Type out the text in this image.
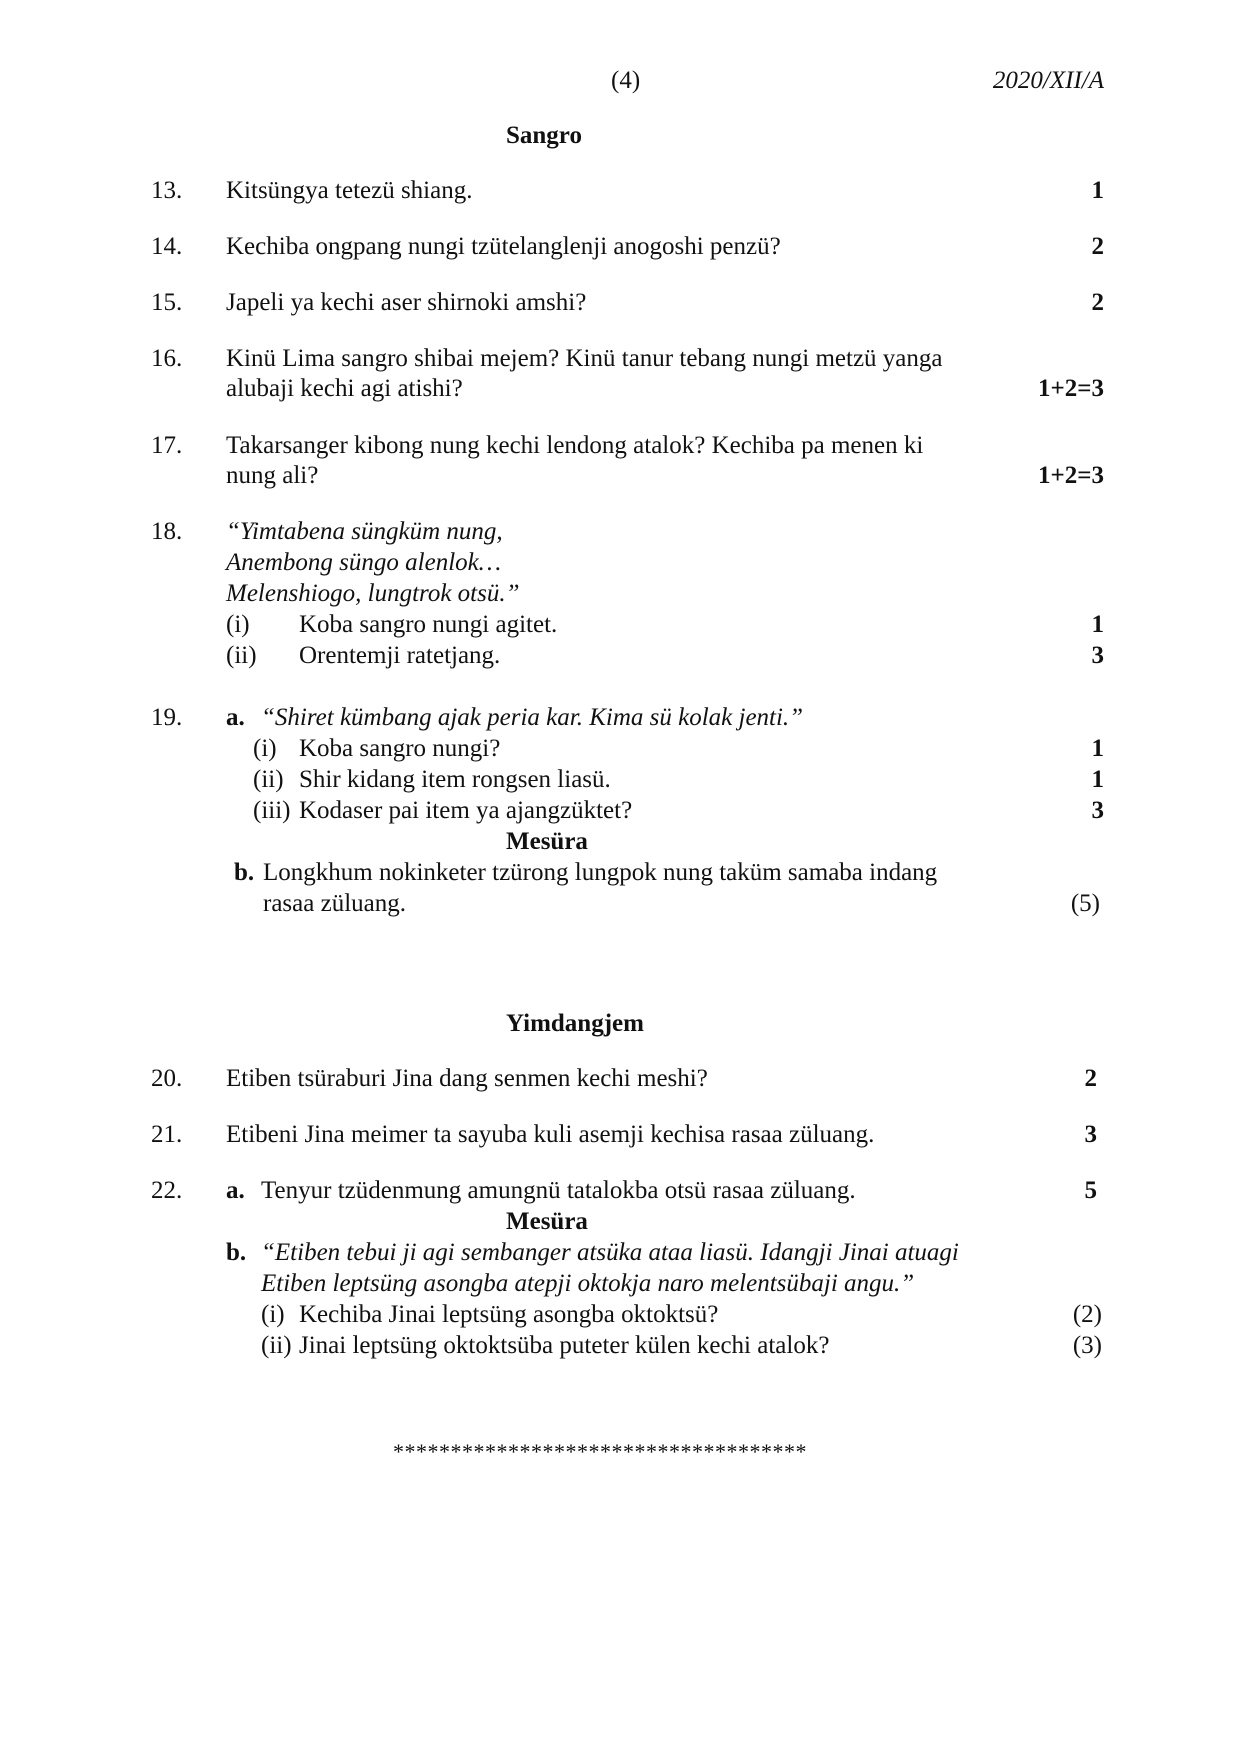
(4)	2020/XII/A
Sangro
13. Kitsüngya tetezü shiang.	1
14. Kechiba ongpang nungi tzütelanglenji anogoshi penzü?	2
15. Japeli ya kechi aser shirnoki amshi?	2
16. Kinü Lima sangro shibai mejem? Kinü tanur tebang nungi metzü yanga
alubaji kechi agi atishi?	1+2=3
17. Takarsanger kibong nung kechi lendong atalok? Kechiba pa menen ki
nung ali?	1+2=3
18. “Yimtabena süngküm nung,
Anembong süngo alenlok…
Melenshiogo, lungtrok otsü.”
(i) Koba sangro nungi agitet.	1
(ii) Orentemji ratetjang.	3
19. a. “Shiret kümbang ajak peria kar. Kima sü kolak jenti.”
(i) Koba sangro nungi?	1
(ii) Shir kidang item rongsen liasü.	1
(iii) Kodaser pai item ya ajangzüktet?	3
Mesüra
b. Longkhum nokinketer tzürong lungpok nung taküm samaba indang
rasaa züluang.	(5)
Yimdangjem
20. Etiben tsüraburi Jina dang senmen kechi meshi?	2
21. Etibeni Jina meimer ta sayuba kuli asemji kechisa rasaa züluang.	3
22. a. Tenyur tzüdenmung amungnü tatalokba otsü rasaa züluang.	5
Mesüra
b. “Etiben tebui ji agi sembanger atsüka ataa liasü. Idangji Jinai atuagi
Etiben leptsüng asongba atepji oktokja naro melentsübaji angu.”
(i) Kechiba Jinai leptsüng asongba oktoktsü?	(2)
(ii) Jinai leptsüng oktoktsüba puteter külen kechi atalok?	(3)
************************************
